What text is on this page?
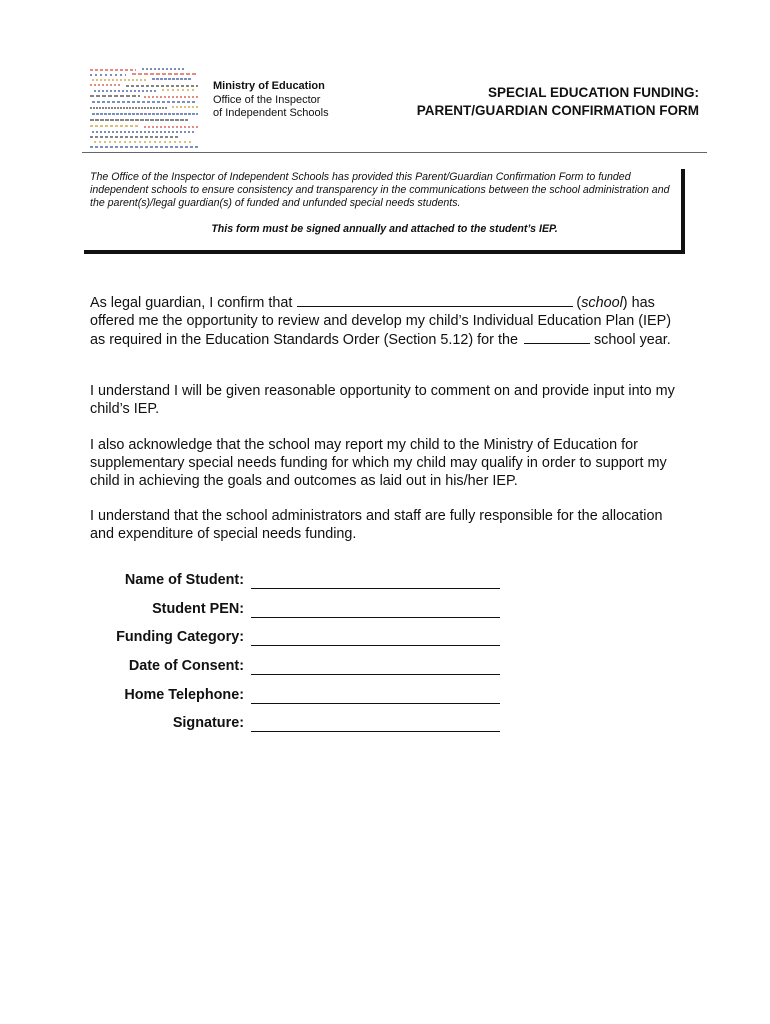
Ministry of Education
Office of the Inspector
of Independent Schools
SPECIAL EDUCATION FUNDING:
PARENT/GUARDIAN CONFIRMATION FORM

The Office of the Inspector of Independent Schools has provided this Parent/Guardian Confirmation Form to funded independent schools to ensure consistency and transparency in the communications between the school administration and the parent(s)/legal guardian(s) of funded and unfunded special needs students.

This form must be signed annually and attached to the student’s IEP.

As legal guardian, I confirm that	(school) has offered me the opportunity to review and develop my child’s Individual Education Plan (IEP) as required in the Education Standards Order (Section 5.12) for the	school year.

I understand I will be given reasonable opportunity to comment on and provide input into my child’s IEP.

I also acknowledge that the school may report my child to the Ministry of Education for supplementary special needs funding for which my child may qualify in order to support my child in achieving the goals and outcomes as laid out in his/her IEP.

I understand that the school administrators and staff are fully responsible for the allocation and expenditure of special needs funding.

Name of Student:
Student PEN:
Funding Category:
Date of Consent:
Home Telephone:
Signature:
